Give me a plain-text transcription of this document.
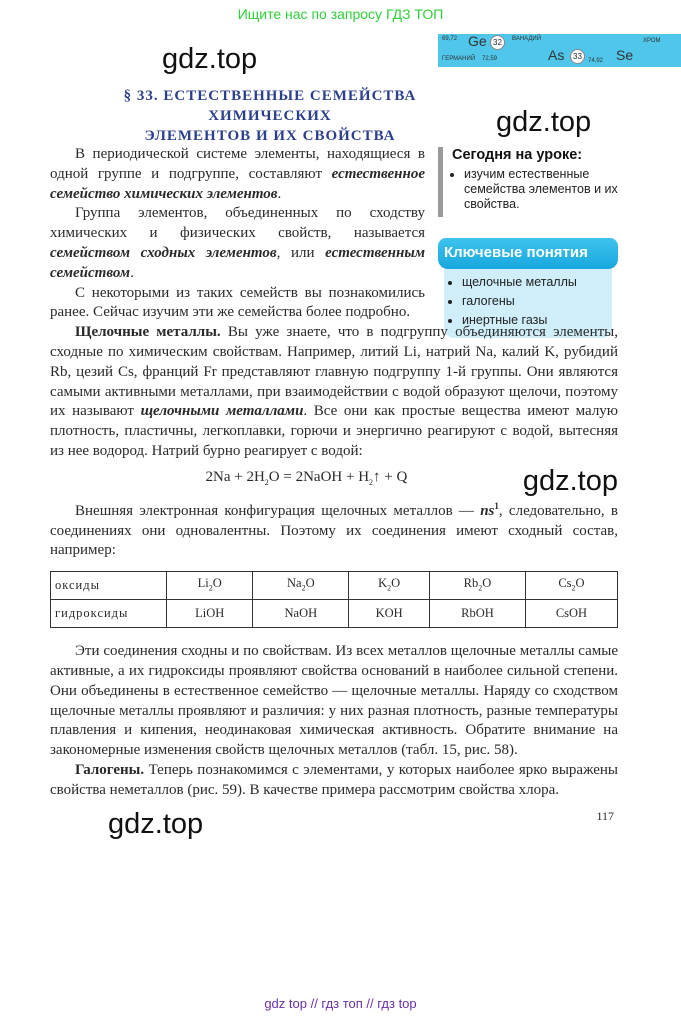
Ищите нас по запросу ГДЗ ТОП
69,72 Ge 32
ГЕРМАНИЙ 72,59
ВАНАДИЙ
As	33	74,92 Se
ХРОМ
gdz.top
gdz.top
§ 33. ЕСТЕСТВЕННЫЕ СЕМЕЙСТВА ХИМИЧЕСКИХ
ЭЛЕМЕНТОВ И ИХ СВОЙСТВА
Сегодня на уроке:
• изучим естественные семейства элементов и их свойства.
Ключевые понятия
• щелочные металлы
• галогены
• инертные газы

В периодической системе элементы, находящиеся в одной группе и подгруппе, составляют естественное семейство химических элементов.

Группа элементов, объединенных по сходству химических и физических свойств, называется семейством сходных элементов, или естественным семейством.

С некоторыми из таких семейств вы познакомились ранее. Сейчас изучим эти же семейства более подробно.

Щелочные металлы. Вы уже знаете, что в подгруппу объединяются элементы, сходные по химическим свойствам. Например, литий Li, натрий Na, калий K, рубидий Rb, цезий Cs, франций Fr представляют главную подгруппу 1-й группы. Они являются самыми активными металлами, при взаимодействии с водой образуют щелочи, поэтому их называют щелочными металлами. Все они как простые вещества имеют малую плотность, пластичны, легкоплавки, горючи и энергично реагируют с водой, вытесняя из нее водород. Натрий бурно реагирует с водой:

$2Na + 2H_2O$ = 2NaOH + $H_2↑ + Q$	gdz.top

Внешняя электронная конфигурация щелочных металлов — $ns^1$, следовательно, в соединениях они одновалентны. Поэтому их соединения имеют сходный состав, например:

оксиды	$Li_2O$	$Na_2O$	$K_2O$	$Rb_2O$	$Cs_2O$
гидроксиды	LiOH	NaOH	KOH	RbOH	CsOH

Эти соединения сходны и по свойствам. Из всех металлов щелочные металлы самые активные, а их гидроксиды проявляют свойства оснований в наиболее сильной степени. Они объединены в естественное семейство — щелочные металлы. Наряду со сходством щелочные металлы проявляют и различия: у них разная плотность, разные температуры плавления и кипения, неодинаковая химическая активность. Обратите внимание на закономерные изменения свойств щелочных металлов (табл. 15, рис. 58).

Галогены. Теперь познакомимся с элементами, у которых наиболее ярко выражены свойства неметаллов (рис. 59). В качестве примера рассмотрим свойства хлора.

gdz.top	117
gdz top // гдз топ // гдз top
